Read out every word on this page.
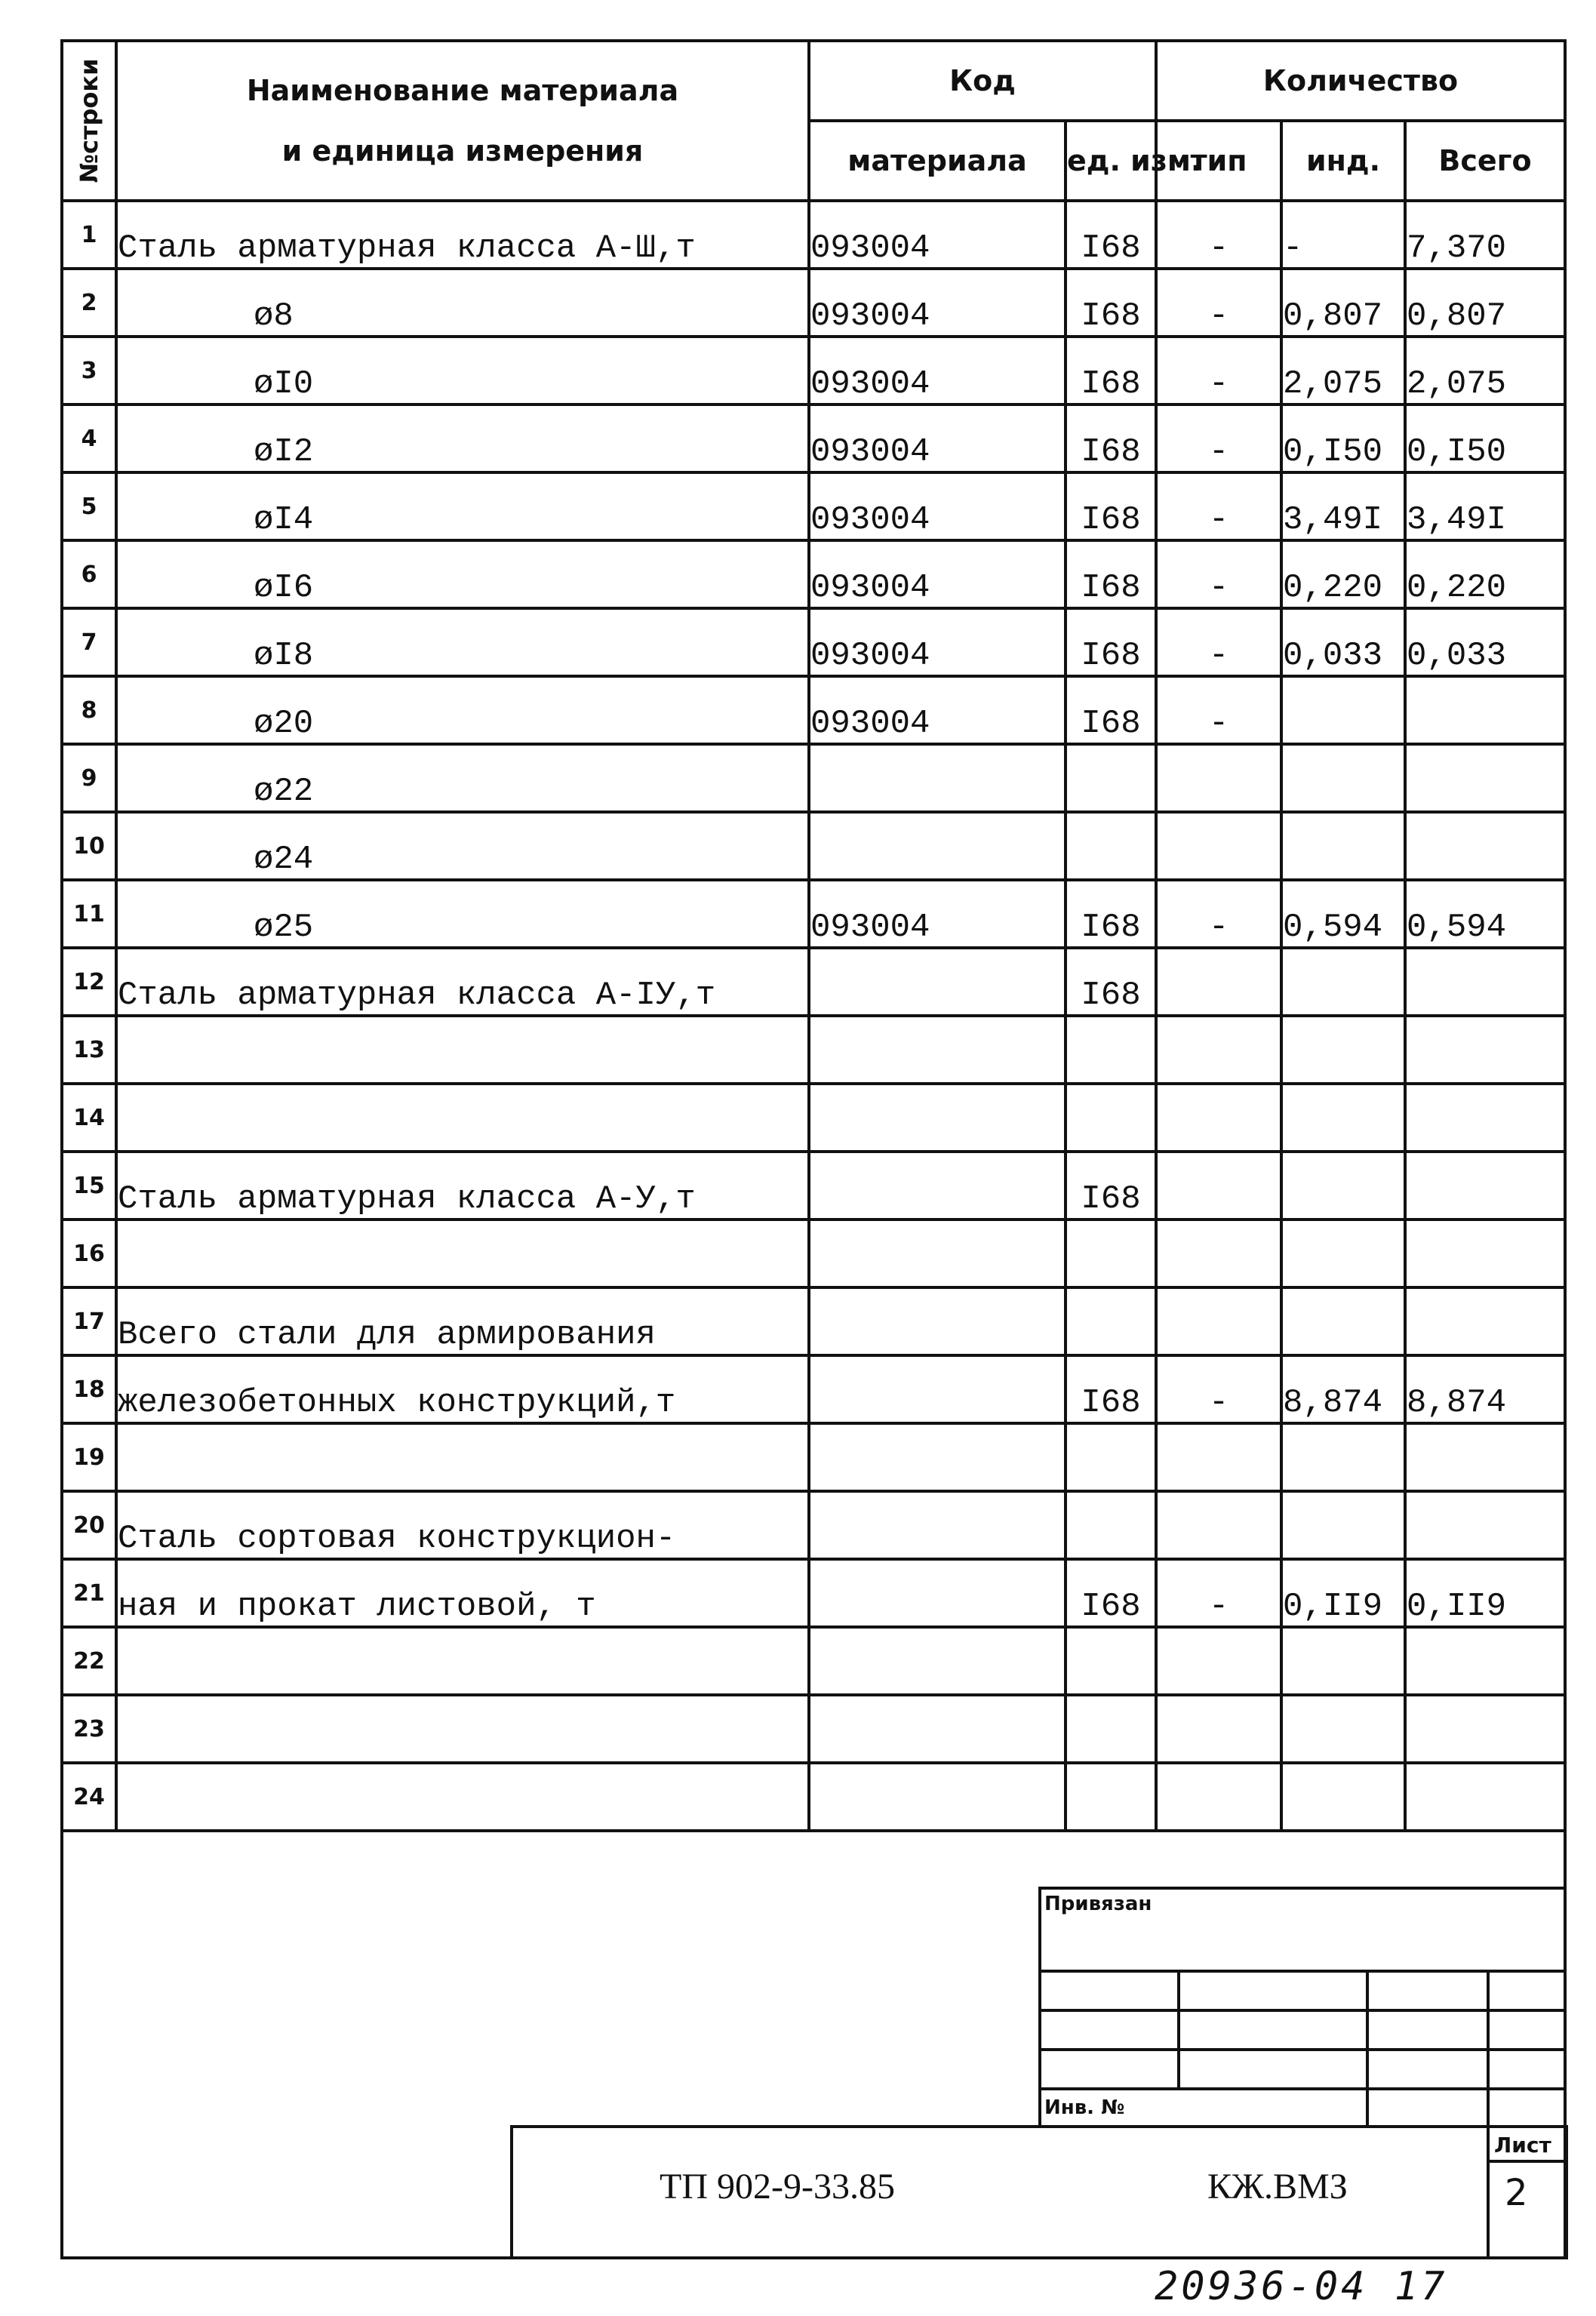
№строки	Наименование материала
и единица измерения	Код		Количество		
		материала	ед. изм.	тип	инд.	Всего
1	Сталь арматурная класса А-Ш,т	093004	I68	-	-	7,370
2	ø8	093004	I68	-	0,807	0,807
3	øI0	093004	I68	-	2,075	2,075
4	øI2	093004	I68	-	0,I50	0,I50
5	øI4	093004	I68	-	3,49I	3,49I
6	øI6	093004	I68	-	0,220	0,220
7	øI8	093004	I68	-	0,033	0,033
8	ø20	093004	I68	-		
9	ø22					
10	ø24					
11	ø25	093004	I68	-	0,594	0,594
12	Сталь арматурная класса А-IУ,т		I68			
13						
14						
15	Сталь арматурная класса А-У,т		I68			
16						
17	Всего стали для армирования					
18	железобетонных конструкций,т		I68	-	8,874	8,874
19						
20	Сталь сортовая конструкцион-					
21	ная и прокат листовой, т		I68	-	0,II9	0,II9
22						
23						
24						
Привязан
Инв. №
ТП 902-9-33.85	КЖ.ВМЗ
Лист
2
20936-04 17
